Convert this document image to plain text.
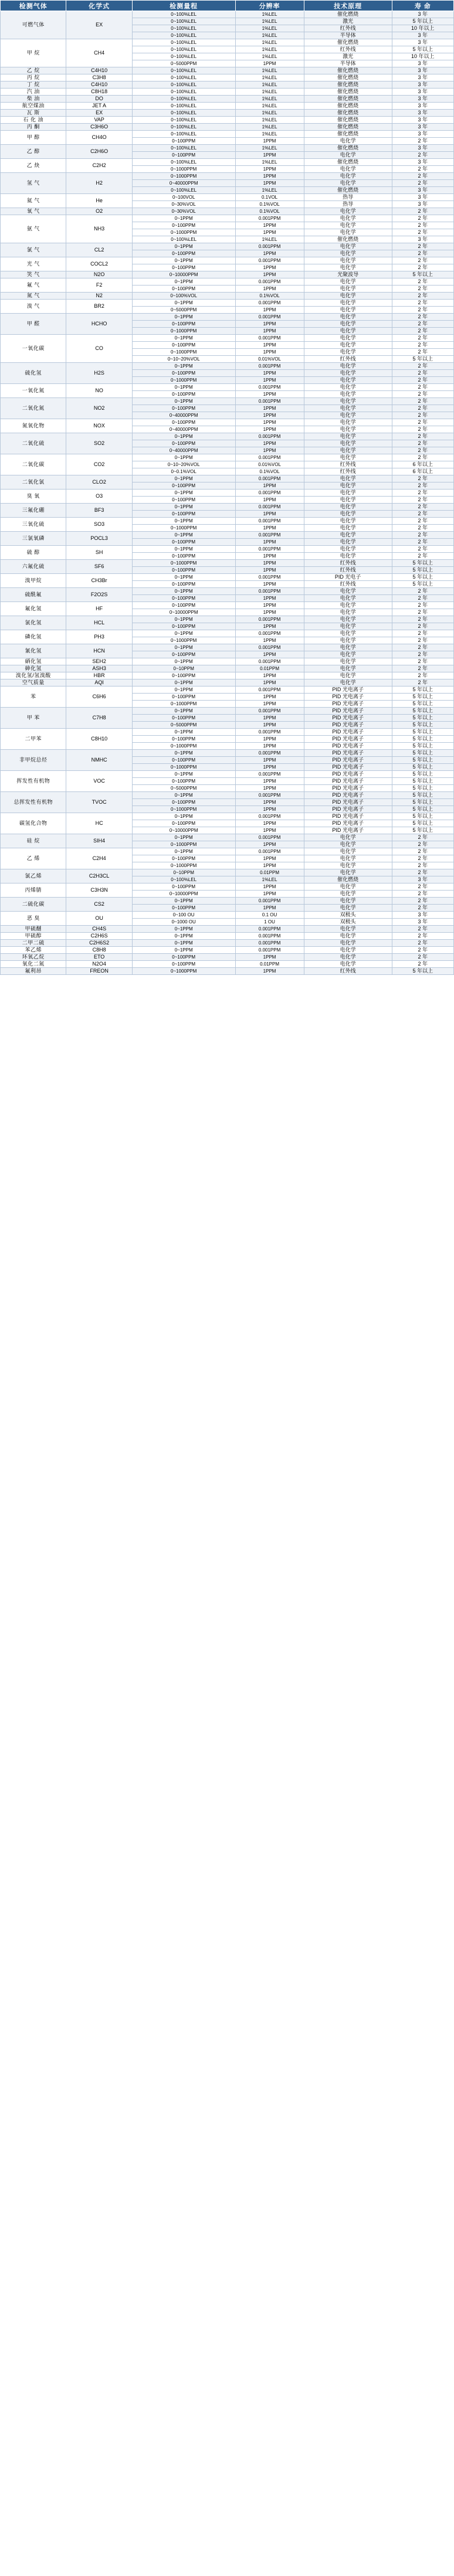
检测气体	化学式	检测量程	分辨率	技术原理	寿 命
可燃气体	EX	0~100%LEL	1%LEL	催化燃烧	3 年
		0~100%LEL	1%LEL	激光	5 年以上
		0~100%LEL	1%LEL	红外线	10 年以上
		0~100%LEL	1%LEL	半导体	3 年
甲 烷	CH4	0~100%LEL	1%LEL	催化燃烧	3 年
		0~100%LEL	1%LEL	红外线	5 年以上
		0~100%LEL	1%LEL	激光	10 年以上
		0~5000PPM	1PPM	半导体	3 年
乙 烷	C4H10	0~100%LEL	1%LEL	催化燃烧	3 年
丙 烷	C3H8	0~100%LEL	1%LEL	催化燃烧	3 年
丁 烷	C4H10	0~100%LEL	1%LEL	催化燃烧	3 年
汽 油	C8H18	0~100%LEL	1%LEL	催化燃烧	3 年
柴 油	DO	0~100%LEL	1%LEL	催化燃烧	3 年
航空煤油	JET A	0~100%LEL	1%LEL	催化燃烧	3 年
瓦 斯	EX	0~100%LEL	1%LEL	催化燃烧	3 年
石 化 油	VAP	0~100%LEL	1%LEL	催化燃烧	3 年
丙 酮	C3H6O	0~100%LEL	1%LEL	催化燃烧	3 年
甲 醇	CH4O	0~100%LEL	1%LEL	催化燃烧	3 年
		0~100PPM	1PPM	电化学	2 年
乙 醇	C2H6O	0~100%LEL	1%LEL	催化燃烧	3 年
		0~100PPM	1PPM	电化学	2 年
乙 炔	C2H2	0~100%LEL	1%LEL	催化燃烧	3 年
		0~1000PPM	1PPM	电化学	2 年
氢 气	H2	0~1000PPM	1PPM	电化学	2 年
		0~40000PPM	1PPM	电化学	2 年
		0~100%LEL	1%LEL	催化燃烧	3 年
氦 气	He	0~100VOL	0.1VOL	热导	3 年
		0~30%VOL	0.1%VOL	热导	3 年
氧 气	O2	0~30%VOL	0.1%VOL	电化学	2 年
氨 气	NH3	0~1PPM	0.001PPM	电化学	2 年
		0~100PPM	1PPM	电化学	2 年
		0~1000PPM	1PPM	电化学	2 年
		0~100%LEL	1%LEL	催化燃烧	3 年
氯 气	CL2	0~1PPM	0.001PPM	电化学	2 年
		0~100PPM	1PPM	电化学	2 年
光 气	COCL2	0~1PPM	0.001PPM	电化学	2 年
		0~100PPM	1PPM	电化学	2 年
笑 气	N2O	0~10000PPM	1PPM	光聚波导	5 年以上
氟 气	F2	0~1PPM	0.001PPM	电化学	2 年
		0~100PPM	1PPM	电化学	2 年
氮 气	N2	0~100%VOL	0.1%VOL	电化学	2 年
溴 气	BR2	0~1PPM	0.001PPM	电化学	2 年
		0~5000PPM	1PPM	电化学	2 年
甲 醛	HCHO	0~1PPM	0.001PPM	电化学	2 年
		0~100PPM	1PPM	电化学	2 年
		0~1000PPM	1PPM	电化学	2 年
一氧化碳	CO	0~1PPM	0.001PPM	电化学	2 年
		0~100PPM	1PPM	电化学	2 年
		0~1000PPM	1PPM	电化学	2 年
		0~10~20%VOL	0.01%VOL	红外线	5 年以上
硫化氢	H2S	0~1PPM	0.001PPM	电化学	2 年
		0~100PPM	1PPM	电化学	2 年
		0~1000PPM	1PPM	电化学	2 年
一氧化氮	NO	0~1PPM	0.001PPM	电化学	2 年
		0~100PPM	1PPM	电化学	2 年
二氧化氮	NO2	0~1PPM	0.001PPM	电化学	2 年
		0~100PPM	1PPM	电化学	2 年
		0~40000PPM	1PPM	电化学	2 年
氮氧化物	NOX	0~100PPM	1PPM	电化学	2 年
		0~40000PPM	1PPM	电化学	2 年
二氧化硫	SO2	0~1PPM	0.001PPM	电化学	2 年
		0~100PPM	1PPM	电化学	2 年
		0~40000PPM	1PPM	电化学	2 年
二氧化碳	CO2	0~1PPM	0.001PPM	电化学	2 年
		0~10~20%VOL	0.01%VOL	红外线	6 年以上
		0~0.1%VOL	0.1%VOL	红外线	6 年以上
二氧化氯	CLO2	0~1PPM	0.001PPM	电化学	2 年
		0~100PPM	1PPM	电化学	2 年
臭 氧	O3	0~1PPM	0.001PPM	电化学	2 年
		0~100PPM	1PPM	电化学	2 年
三氟化硼	BF3	0~1PPM	0.001PPM	电化学	2 年
		0~100PPM	1PPM	电化学	2 年
三氧化硫	SO3	0~1PPM	0.001PPM	电化学	2 年
		0~1000PPM	1PPM	电化学	2 年
三氯氧磷	POCL3	0~1PPM	0.001PPM	电化学	2 年
		0~100PPM	1PPM	电化学	2 年
硫 醇	SH	0~1PPM	0.001PPM	电化学	2 年
		0~100PPM	1PPM	电化学	2 年
六氟化硫	SF6	0~1000PPM	1PPM	红外线	5 年以上
		0~100PPM	1PPM	红外线	5 年以上
溴甲烷	CH3Br	0~1PPM	0.001PPM	PID 光电子	5 年以上
		0~100PPM	1PPM	红外线	5 年以上
硫酰氟	F2O2S	0~1PPM	0.001PPM	电化学	2 年
		0~100PPM	1PPM	电化学	2 年
氟化氢	HF	0~100PPM	1PPM	电化学	2 年
		0~10000PPM	1PPM	电化学	2 年
氯化氢	HCL	0~1PPM	0.001PPM	电化学	2 年
		0~100PPM	1PPM	电化学	2 年
磷化氢	PH3	0~1PPM	0.001PPM	电化学	2 年
		0~1000PPM	1PPM	电化学	2 年
氰化氢	HCN	0~1PPM	0.001PPM	电化学	2 年
		0~100PPM	1PPM	电化学	2 年
硒化氢	SEH2	0~1PPM	0.001PPM	电化学	2 年
砷化氢	ASH3	0~10PPM	0.01PPM	电化学	2 年
溴化氢/氢溴酸	HBR	0~100PPM	1PPM	电化学	2 年
空气质量	AQI	0~1PPM	1PPM	电化学	2 年
苯	C6H6	0~1PPM	0.001PPM	PID 光电离子	5 年以上
		0~100PPM	1PPM	PID 光电离子	5 年以上
		0~1000PPM	1PPM	PID 光电离子	5 年以上
甲 苯	C7H8	0~1PPM	0.001PPM	PID 光电离子	5 年以上
		0~100PPM	1PPM	PID 光电离子	5 年以上
		0~5000PPM	1PPM	PID 光电离子	5 年以上
二甲苯	C8H10	0~1PPM	0.001PPM	PID 光电离子	5 年以上
		0~100PPM	1PPM	PID 光电离子	5 年以上
		0~1000PPM	1PPM	PID 光电离子	5 年以上
非甲烷总烃	NMHC	0~1PPM	0.001PPM	PID 光电离子	5 年以上
		0~100PPM	1PPM	PID 光电离子	5 年以上
		0~1000PPM	1PPM	PID 光电离子	5 年以上
挥发性有机物	VOC	0~1PPM	0.001PPM	PID 光电离子	5 年以上
		0~100PPM	1PPM	PID 光电离子	5 年以上
		0~5000PPM	1PPM	PID 光电离子	5 年以上
总挥发性有机物	TVOC	0~1PPM	0.001PPM	PID 光电离子	5 年以上
		0~100PPM	1PPM	PID 光电离子	5 年以上
		0~1000PPM	1PPM	PID 光电离子	5 年以上
碳氢化合物	HC	0~1PPM	0.001PPM	PID 光电离子	5 年以上
		0~100PPM	1PPM	PID 光电离子	5 年以上
		0~10000PPM	1PPM	PID 光电离子	5 年以上
硅 烷	SIH4	0~1PPM	0.001PPM	电化学	2 年
		0~1000PPM	1PPM	电化学	2 年
乙 烯	C2H4	0~1PPM	0.001PPM	电化学	2 年
		0~100PPM	1PPM	电化学	2 年
		0~1000PPM	1PPM	电化学	2 年
氯乙烯	C2H3CL	0~10PPM	0.01PPM	电化学	2 年
		0~100%LEL	1%LEL	催化燃烧	3 年
丙烯腈	C3H3N	0~100PPM	1PPM	电化学	2 年
		0~10000PPM	1PPM	电化学	2 年
二硫化碳	CS2	0~1PPM	0.001PPM	电化学	2 年
		0~100PPM	1PPM	电化学	2 年
恶 臭	OU	0~100 OU	0.1 OU	双极头	3 年
		0~1000 OU	1 OU	双极头	3 年
甲硫醚	CH4S	0~1PPM	0.001PPM	电化学	2 年
甲硫醇	C2H6S	0~1PPM	0.001PPM	电化学	2 年
二甲二硫	C2H6S2	0~1PPM	0.001PPM	电化学	2 年
苯乙烯	C8H8	0~1PPM	0.001PPM	电化学	2 年
环氧乙烷	ETO	0~100PPM	1PPM	电化学	2 年
氧化二氮	N2O4	0~100PPM	0.01PPM	电化学	2 年
氟利昂	FREON	0~1000PPM	1PPM	红外线	5 年以上
